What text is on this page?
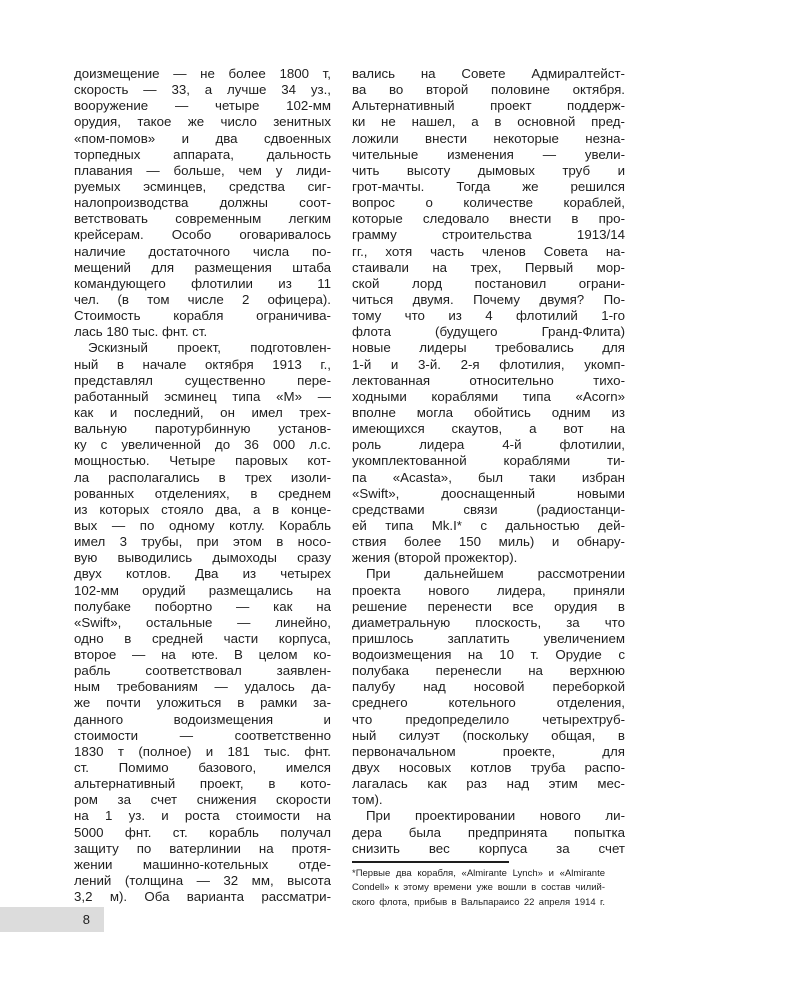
доизмещение — не более 1800 т,
скорость — 33, а лучше 34 уз.,
вооружение — четыре 102-мм
орудия, такое же число зенитных
«пом-помов» и два сдвоенных
торпедных аппарата, дальность
плавания — больше, чем у лиди-
руемых эсминцев, средства сиг-
налопроизводства должны соот-
ветствовать современным легким
крейсерам. Особо оговаривалось
наличие достаточного числа по-
мещений для размещения штаба
командующего флотилии из 11
чел. (в том числе 2 офицера).
Стоимость корабля ограничива-
лась 180 тыс. фнт. ст.
Эскизный проект, подготовлен-
ный в начале октября 1913 г.,
представлял существенно пере-
работанный эсминец типа «М» —
как и последний, он имел трех-
вальную паротурбинную установ-
ку с увеличенной до 36 000 л.с.
мощностью. Четыре паровых кот-
ла располагались в трех изоли-
рованных отделениях, в среднем
из которых стояло два, а в конце-
вых — по одному котлу. Корабль
имел 3 трубы, при этом в носо-
вую выводились дымоходы сразу
двух котлов. Два из четырех
102-мм орудий размещались на
полубаке побортно — как на
«Swift», остальные — линейно,
одно в средней части корпуса,
второе — на юте. В целом ко-
рабль соответствовал заявлен-
ным требованиям — удалось да-
же почти уложиться в рамки за-
данного водоизмещения и
стоимости — соответственно
1830 т (полное) и 181 тыс. фнт.
ст. Помимо базового, имелся
альтернативный проект, в кото-
ром за счет снижения скорости
на 1 уз. и роста стоимости на
5000 фнт. ст. корабль получал
защиту по ватерлинии на протя-
жении машинно-котельных отде-
лений (толщина — 32 мм, высота
3,2 м). Оба варианта рассматри-
вались на Совете Адмиралтейст-
ва во второй половине октября.
Альтернативный проект поддерж-
ки не нашел, а в основной пред-
ложили внести некоторые незна-
чительные изменения — увели-
чить высоту дымовых труб и
грот-мачты. Тогда же решился
вопрос о количестве кораблей,
которые следовало внести в про-
грамму строительства 1913/14
гг., хотя часть членов Совета на-
стаивали на трех, Первый мор-
ской лорд постановил ограни-
читься двумя. Почему двумя? По-
тому что из 4 флотилий 1-го
флота (будущего Гранд-Флита)
новые лидеры требовались для
1-й и 3-й. 2-я флотилия, укомп-
лектованная относительно тихо-
ходными кораблями типа «Acorn»
вполне могла обойтись одним из
имеющихся скаутов, а вот на
роль лидера 4-й флотилии,
укомплектованной кораблями ти-
па «Acasta», был таки избран
«Swift», дооснащенный новыми
средствами связи (радиостанци-
ей типа Mk.I* с дальностью дей-
ствия более 150 миль) и обнару-
жения (второй прожектор).
При дальнейшем рассмотрении
проекта нового лидера, приняли
решение перенести все орудия в
диаметральную плоскость, за что
пришлось заплатить увеличением
водоизмещения на 10 т. Орудие с
полубака перенесли на верхнюю
палубу над носовой переборкой
среднего котельного отделения,
что предопределило четырехтруб-
ный силуэт (поскольку общая, в
первоначальном проекте, для
двух носовых котлов труба распо-
лагалась как раз над этим мес-
том).
При проектировании нового ли-
дера была предпринята попытка
снизить вес корпуса за счет
*Первые два корабля, «Almirante Lynch» и «Almirante
Condell» к этому времени уже вошли в состав чилий-
ского флота, прибыв в Вальпараисо 22 апреля 1914 г.
8
